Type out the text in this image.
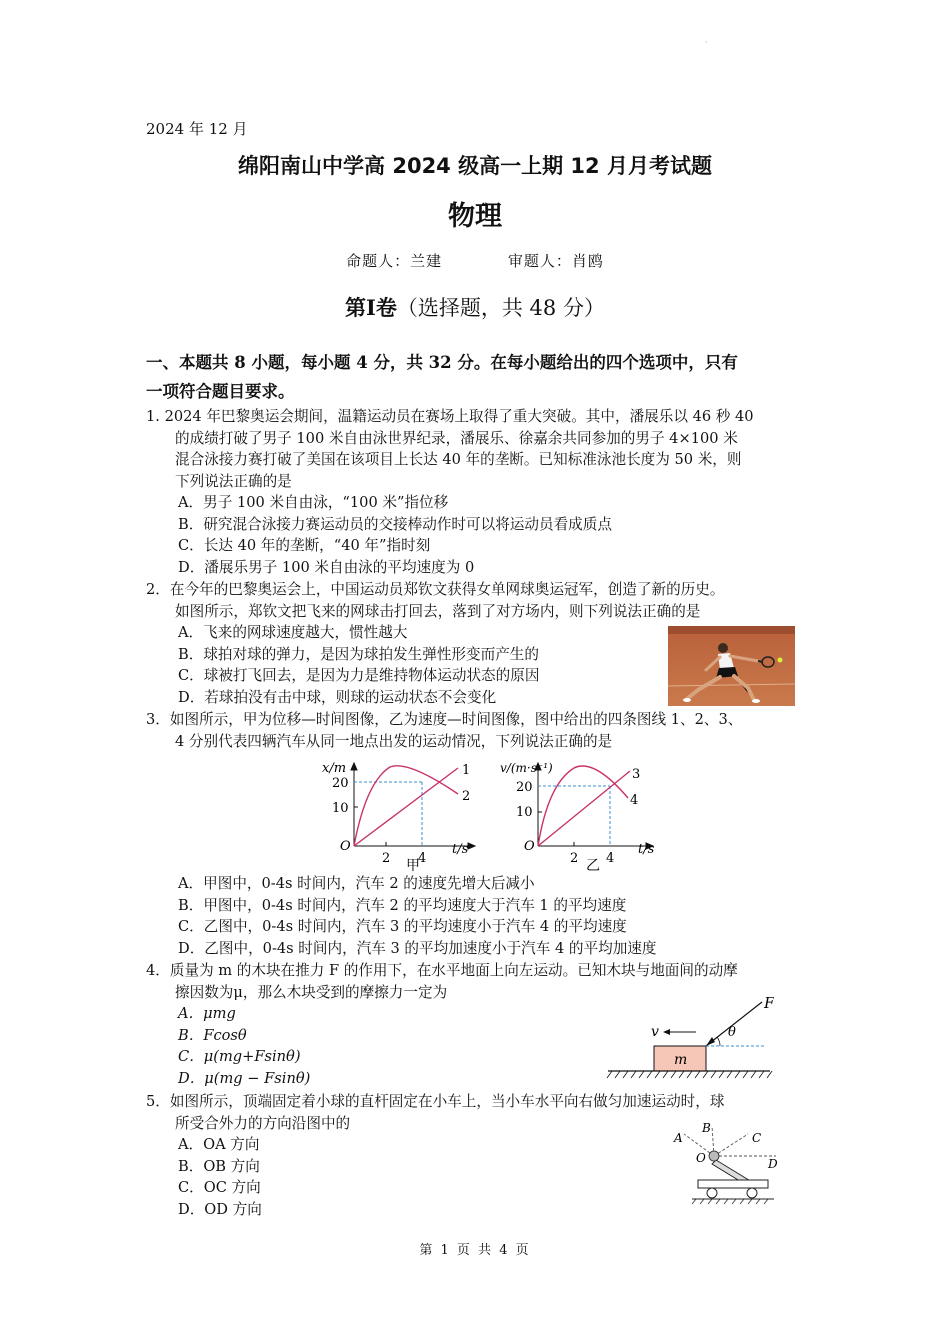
·
2024 年 12 月
绵阳南山中学高 2024 级高一上期 12 月月考试题
物理
命题人：兰建	审题人：肖鸥
第Ⅰ卷（选择题，共 48 分）
一、本题共 8 小题，每小题 4 分，共 32 分。在每小题给出的四个选项中，只有
一项符合题目要求。
1. 2024 年巴黎奥运会期间，温籍运动员在赛场上取得了重大突破。其中，潘展乐以 46 秒 40
的成绩打破了男子 100 米自由泳世界纪录，潘展乐、徐嘉余共同参加的男子 4×100 米
混合泳接力赛打破了美国在该项目上长达 40 年的垄断。已知标准泳池长度为 50 米，则
下列说法正确的是
A．男子 100 米自由泳，“100 米”指位移
B．研究混合泳接力赛运动员的交接棒动作时可以将运动员看成质点
C．长达 40 年的垄断，“40 年”指时刻
D．潘展乐男子 100 米自由泳的平均速度为 0
2．在今年的巴黎奥运会上，中国运动员郑钦文获得女单网球奥运冠军，创造了新的历史。
如图所示，郑钦文把飞来的网球击打回去，落到了对方场内，则下列说法正确的是
A．飞来的网球速度越大，惯性越大
B．球拍对球的弹力，是因为球拍发生弹性形变而产生的
C．球被打飞回去，是因为力是维持物体运动状态的原因
D．若球拍没有击中球，则球的运动状态不会变化
3．如图所示，甲为位移—时间图像，乙为速度—时间图像，图中给出的四条图线 1、2、3、
4 分别代表四辆汽车从同一地点出发的运动情况，下列说法正确的是
x/m
10
20
O
2 4
t/s
1
2
甲
v/(m·s⁻¹)
10
20
O
2 4
t/s
3
4
乙
A．甲图中，0-4s 时间内，汽车 2 的速度先增大后减小
B．甲图中，0-4s 时间内，汽车 2 的平均速度大于汽车 1 的平均速度
C．乙图中，0-4s 时间内，汽车 3 的平均速度小于汽车 4 的平均速度
D．乙图中，0-4s 时间内，汽车 3 的平均加速度小于汽车 4 的平均加速度
4．质量为 m 的木块在推力 F 的作用下，在水平地面上向左运动。已知木块与地面间的动摩
擦因数为μ，那么木块受到的摩擦力一定为
A．μmg
B．Fcosθ
C．μ(mg+Fsinθ)
D．μ(mg − Fsinθ)
v
F
θ
m
5．如图所示，顶端固定着小球的直杆固定在小车上，当小车水平向右做匀加速运动时，球
所受合外力的方向沿图中的
A．OA 方向
B．OB 方向
C．OC 方向
D．OD 方向
A
B
C
D
O
第 1 页 共 4 页
